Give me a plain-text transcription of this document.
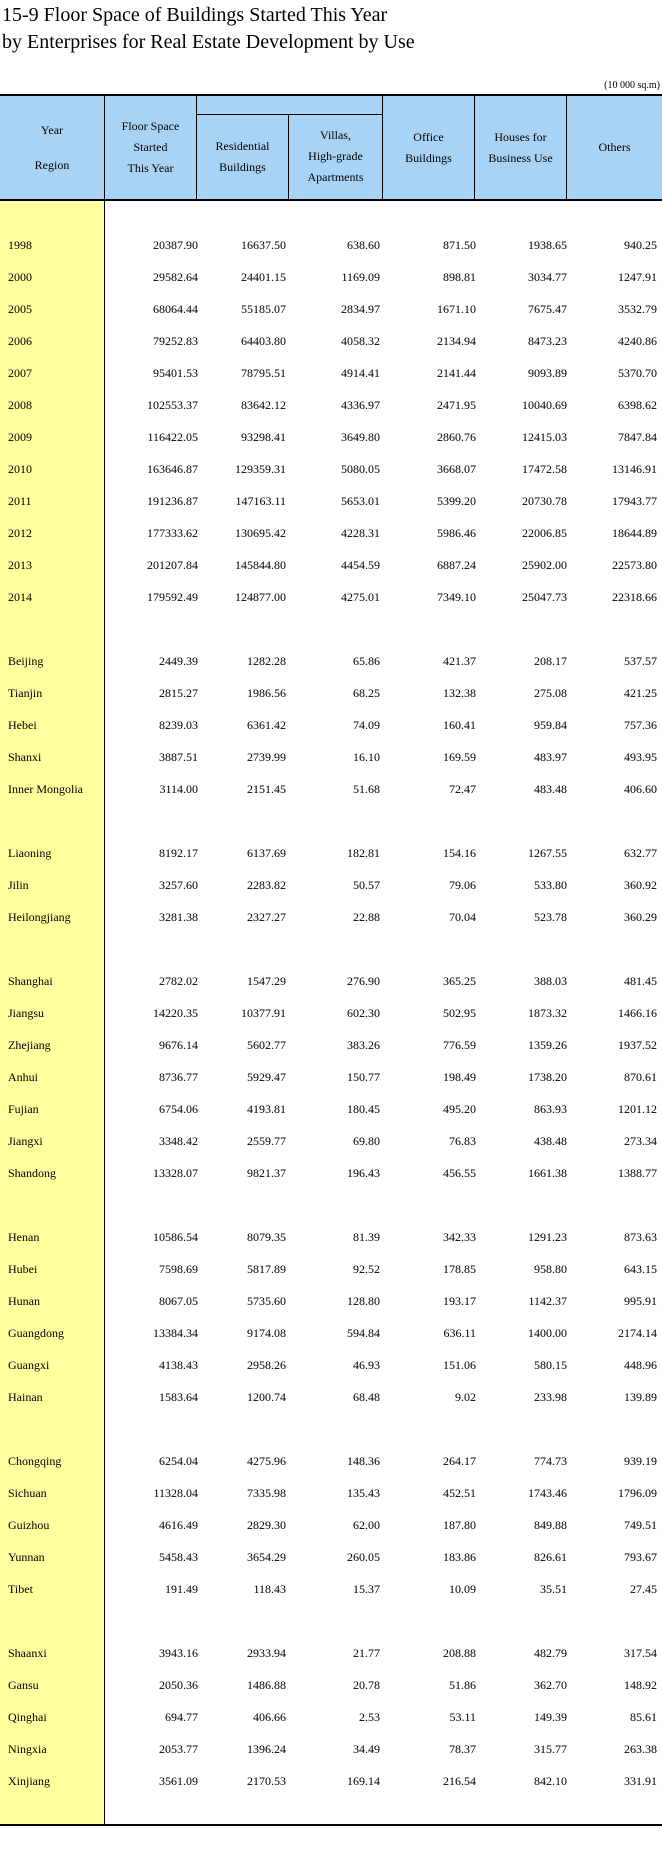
15-9 Floor Space of Buildings Started This Year
by Enterprises for Real Estate Development by Use
(10 000 sq.m)
Year
Region
Floor Space
Started
This Year
Residential
Buildings
Villas,
High-grade
Apartments
Office
Buildings
Houses for
Business Use
Others
1998	20387.90	16637.50	638.60	871.50	1938.65	940.25
2000	29582.64	24401.15	1169.09	898.81	3034.77	1247.91
2005	68064.44	55185.07	2834.97	1671.10	7675.47	3532.79
2006	79252.83	64403.80	4058.32	2134.94	8473.23	4240.86
2007	95401.53	78795.51	4914.41	2141.44	9093.89	5370.70
2008	102553.37	83642.12	4336.97	2471.95	10040.69	6398.62
2009	116422.05	93298.41	3649.80	2860.76	12415.03	7847.84
2010	163646.87	129359.31	5080.05	3668.07	17472.58	13146.91
2011	191236.87	147163.11	5653.01	5399.20	20730.78	17943.77
2012	177333.62	130695.42	4228.31	5986.46	22006.85	18644.89
2013	201207.84	145844.80	4454.59	6887.24	25902.00	22573.80
2014	179592.49	124877.00	4275.01	7349.10	25047.73	22318.66
Beijing	2449.39	1282.28	65.86	421.37	208.17	537.57
Tianjin	2815.27	1986.56	68.25	132.38	275.08	421.25
Hebei	8239.03	6361.42	74.09	160.41	959.84	757.36
Shanxi	3887.51	2739.99	16.10	169.59	483.97	493.95
Inner Mongolia	3114.00	2151.45	51.68	72.47	483.48	406.60
Liaoning	8192.17	6137.69	182.81	154.16	1267.55	632.77
Jilin	3257.60	2283.82	50.57	79.06	533.80	360.92
Heilongjiang	3281.38	2327.27	22.88	70.04	523.78	360.29
Shanghai	2782.02	1547.29	276.90	365.25	388.03	481.45
Jiangsu	14220.35	10377.91	602.30	502.95	1873.32	1466.16
Zhejiang	9676.14	5602.77	383.26	776.59	1359.26	1937.52
Anhui	8736.77	5929.47	150.77	198.49	1738.20	870.61
Fujian	6754.06	4193.81	180.45	495.20	863.93	1201.12
Jiangxi	3348.42	2559.77	69.80	76.83	438.48	273.34
Shandong	13328.07	9821.37	196.43	456.55	1661.38	1388.77
Henan	10586.54	8079.35	81.39	342.33	1291.23	873.63
Hubei	7598.69	5817.89	92.52	178.85	958.80	643.15
Hunan	8067.05	5735.60	128.80	193.17	1142.37	995.91
Guangdong	13384.34	9174.08	594.84	636.11	1400.00	2174.14
Guangxi	4138.43	2958.26	46.93	151.06	580.15	448.96
Hainan	1583.64	1200.74	68.48	9.02	233.98	139.89
Chongqing	6254.04	4275.96	148.36	264.17	774.73	939.19
Sichuan	11328.04	7335.98	135.43	452.51	1743.46	1796.09
Guizhou	4616.49	2829.30	62.00	187.80	849.88	749.51
Yunnan	5458.43	3654.29	260.05	183.86	826.61	793.67
Tibet	191.49	118.43	15.37	10.09	35.51	27.45
Shaanxi	3943.16	2933.94	21.77	208.88	482.79	317.54
Gansu	2050.36	1486.88	20.78	51.86	362.70	148.92
Qinghai	694.77	406.66	2.53	53.11	149.39	85.61
Ningxia	2053.77	1396.24	34.49	78.37	315.77	263.38
Xinjiang	3561.09	2170.53	169.14	216.54	842.10	331.91
